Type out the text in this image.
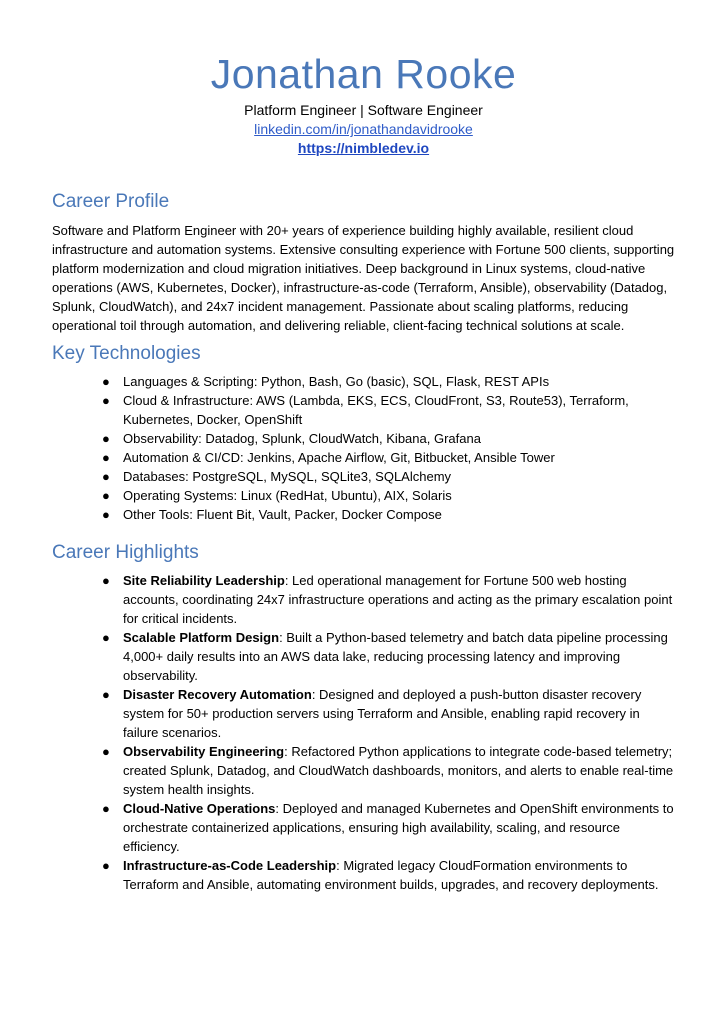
Jonathan Rooke
Platform Engineer | Software Engineer
linkedin.com/in/jonathandavidrooke
https://nimbledev.io
Career Profile

Software and Platform Engineer with 20+ years of experience building highly available, resilient cloud infrastructure and automation systems. Extensive consulting experience with Fortune 500 clients, supporting platform modernization and cloud migration initiatives. Deep background in Linux systems, cloud-native operations (AWS, Kubernetes, Docker), infrastructure-as-code (Terraform, Ansible), observability (Datadog, Splunk, CloudWatch), and 24x7 incident management. Passionate about scaling platforms, reducing operational toil through automation, and delivering reliable, client-facing technical solutions at scale.

Key Technologies
● Languages & Scripting: Python, Bash, Go (basic), SQL, Flask, REST APIs
● Cloud & Infrastructure: AWS (Lambda, EKS, ECS, CloudFront, S3, Route53), Terraform, Kubernetes, Docker, OpenShift
● Observability: Datadog, Splunk, CloudWatch, Kibana, Grafana
● Automation & CI/CD: Jenkins, Apache Airflow, Git, Bitbucket, Ansible Tower
● Databases: PostgreSQL, MySQL, SQLite3, SQLAlchemy
● Operating Systems: Linux (RedHat, Ubuntu), AIX, Solaris
● Other Tools: Fluent Bit, Vault, Packer, Docker Compose
Career Highlights
● Site Reliability Leadership: Led operational management for Fortune 500 web hosting accounts, coordinating 24x7 infrastructure operations and acting as the primary escalation point for critical incidents.
● Scalable Platform Design: Built a Python-based telemetry and batch data pipeline processing 4,000+ daily results into an AWS data lake, reducing processing latency and improving observability.
● Disaster Recovery Automation: Designed and deployed a push-button disaster recovery system for 50+ production servers using Terraform and Ansible, enabling rapid recovery in failure scenarios.
● Observability Engineering: Refactored Python applications to integrate code-based telemetry; created Splunk, Datadog, and CloudWatch dashboards, monitors, and alerts to enable real-time system health insights.
● Cloud-Native Operations: Deployed and managed Kubernetes and OpenShift environments to orchestrate containerized applications, ensuring high availability, scaling, and resource efficiency.
● Infrastructure-as-Code Leadership: Migrated legacy CloudFormation environments to Terraform and Ansible, automating environment builds, upgrades, and recovery deployments.
